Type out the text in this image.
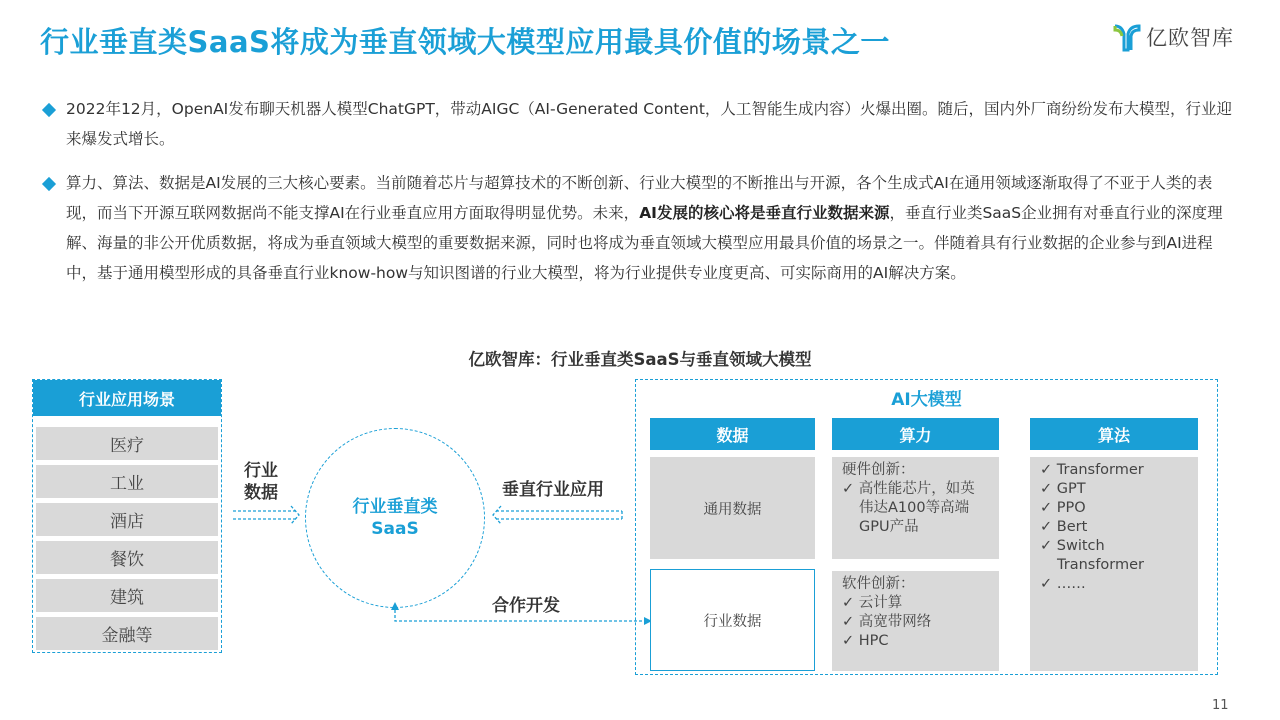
行业垂直类SaaS将成为垂直领域大模型应用最具价值的场景之一	亿欧智库
2022年12月，OpenAI发布聊天机器人模型ChatGPT，带动AIGC（AI-Generated Content，人工智能生成内容）火爆出圈。随后，国内外厂商纷纷发布大模型，行业迎来爆发式增长。
算力、算法、数据是AI发展的三大核心要素。当前随着芯片与超算技术的不断创新、行业大模型的不断推出与开源，各个生成式AI在通用领域逐渐取得了不亚于人类的表现，而当下开源互联网数据尚不能支撑AI在行业垂直应用方面取得明显优势。未来，AI发展的核心将是垂直行业数据来源，垂直行业类SaaS企业拥有对垂直行业的深度理解、海量的非公开优质数据，将成为垂直领域大模型的重要数据来源，同时也将成为垂直领域大模型应用最具价值的场景之一。伴随着具有行业数据的企业参与到AI进程中，基于通用模型形成的具备垂直行业know-how与知识图谱的行业大模型，将为行业提供专业度更高、可实际商用的AI解决方案。
亿欧智库：行业垂直类SaaS与垂直领域大模型
行业应用场景
医疗
工业
酒店
餐饮
建筑
金融等
行业
数据
行业垂直类
SaaS
垂直行业应用
合作开发
AI大模型
数据	算力	算法
通用数据
行业数据
硬件创新：
✓ 高性能芯片，如英
伟达A100等高端
GPU产品
软件创新：
✓ 云计算
✓ 高宽带网络
✓ HPC
✓ Transformer
✓ GPT
✓ PPO
✓ Bert
✓ Switch
Transformer
✓ ……
11
